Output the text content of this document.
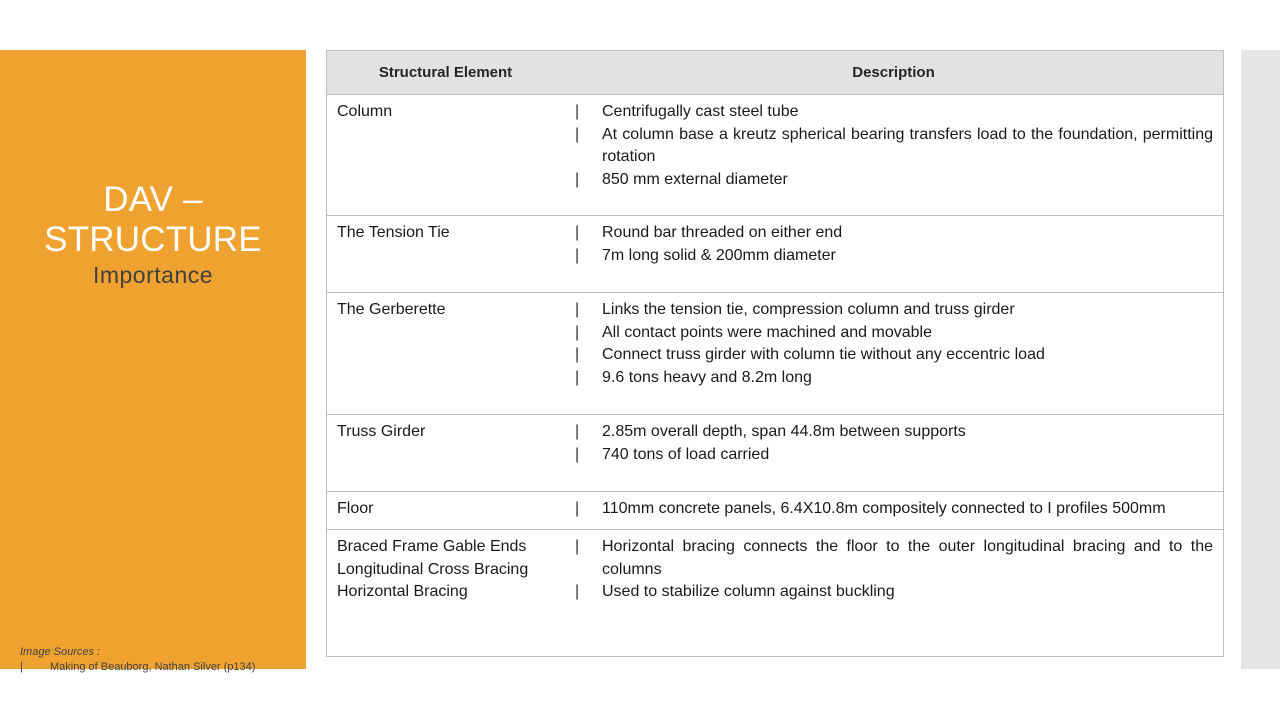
DAV – STRUCTURE
Importance
Image Sources :
| Making of Beauborg, Nathan Silver (p134)
Structural Element	Description
Column	| Centrifugally cast steel tube
| At column base a kreutz spherical bearing transfers load to the foundation, permitting rotation
| 850 mm external diameter
The Tension Tie	| Round bar threaded on either end
| 7m long solid & 200mm diameter
The Gerberette	| Links the tension tie, compression column and truss girder
| All contact points were machined and movable
| Connect truss girder with column tie without any eccentric load
| 9.6 tons heavy and 8.2m long
Truss Girder	| 2.85m overall depth, span 44.8m between supports
| 740 tons of load carried
Floor	| 110mm concrete panels, 6.4X10.8m compositely connected to I profiles 500mm
Braced Frame Gable Ends
Longitudinal Cross Bracing
Horizontal Bracing
| Horizontal bracing connects the floor to the outer longitudinal bracing and to the columns
| Used to stabilize column against buckling
